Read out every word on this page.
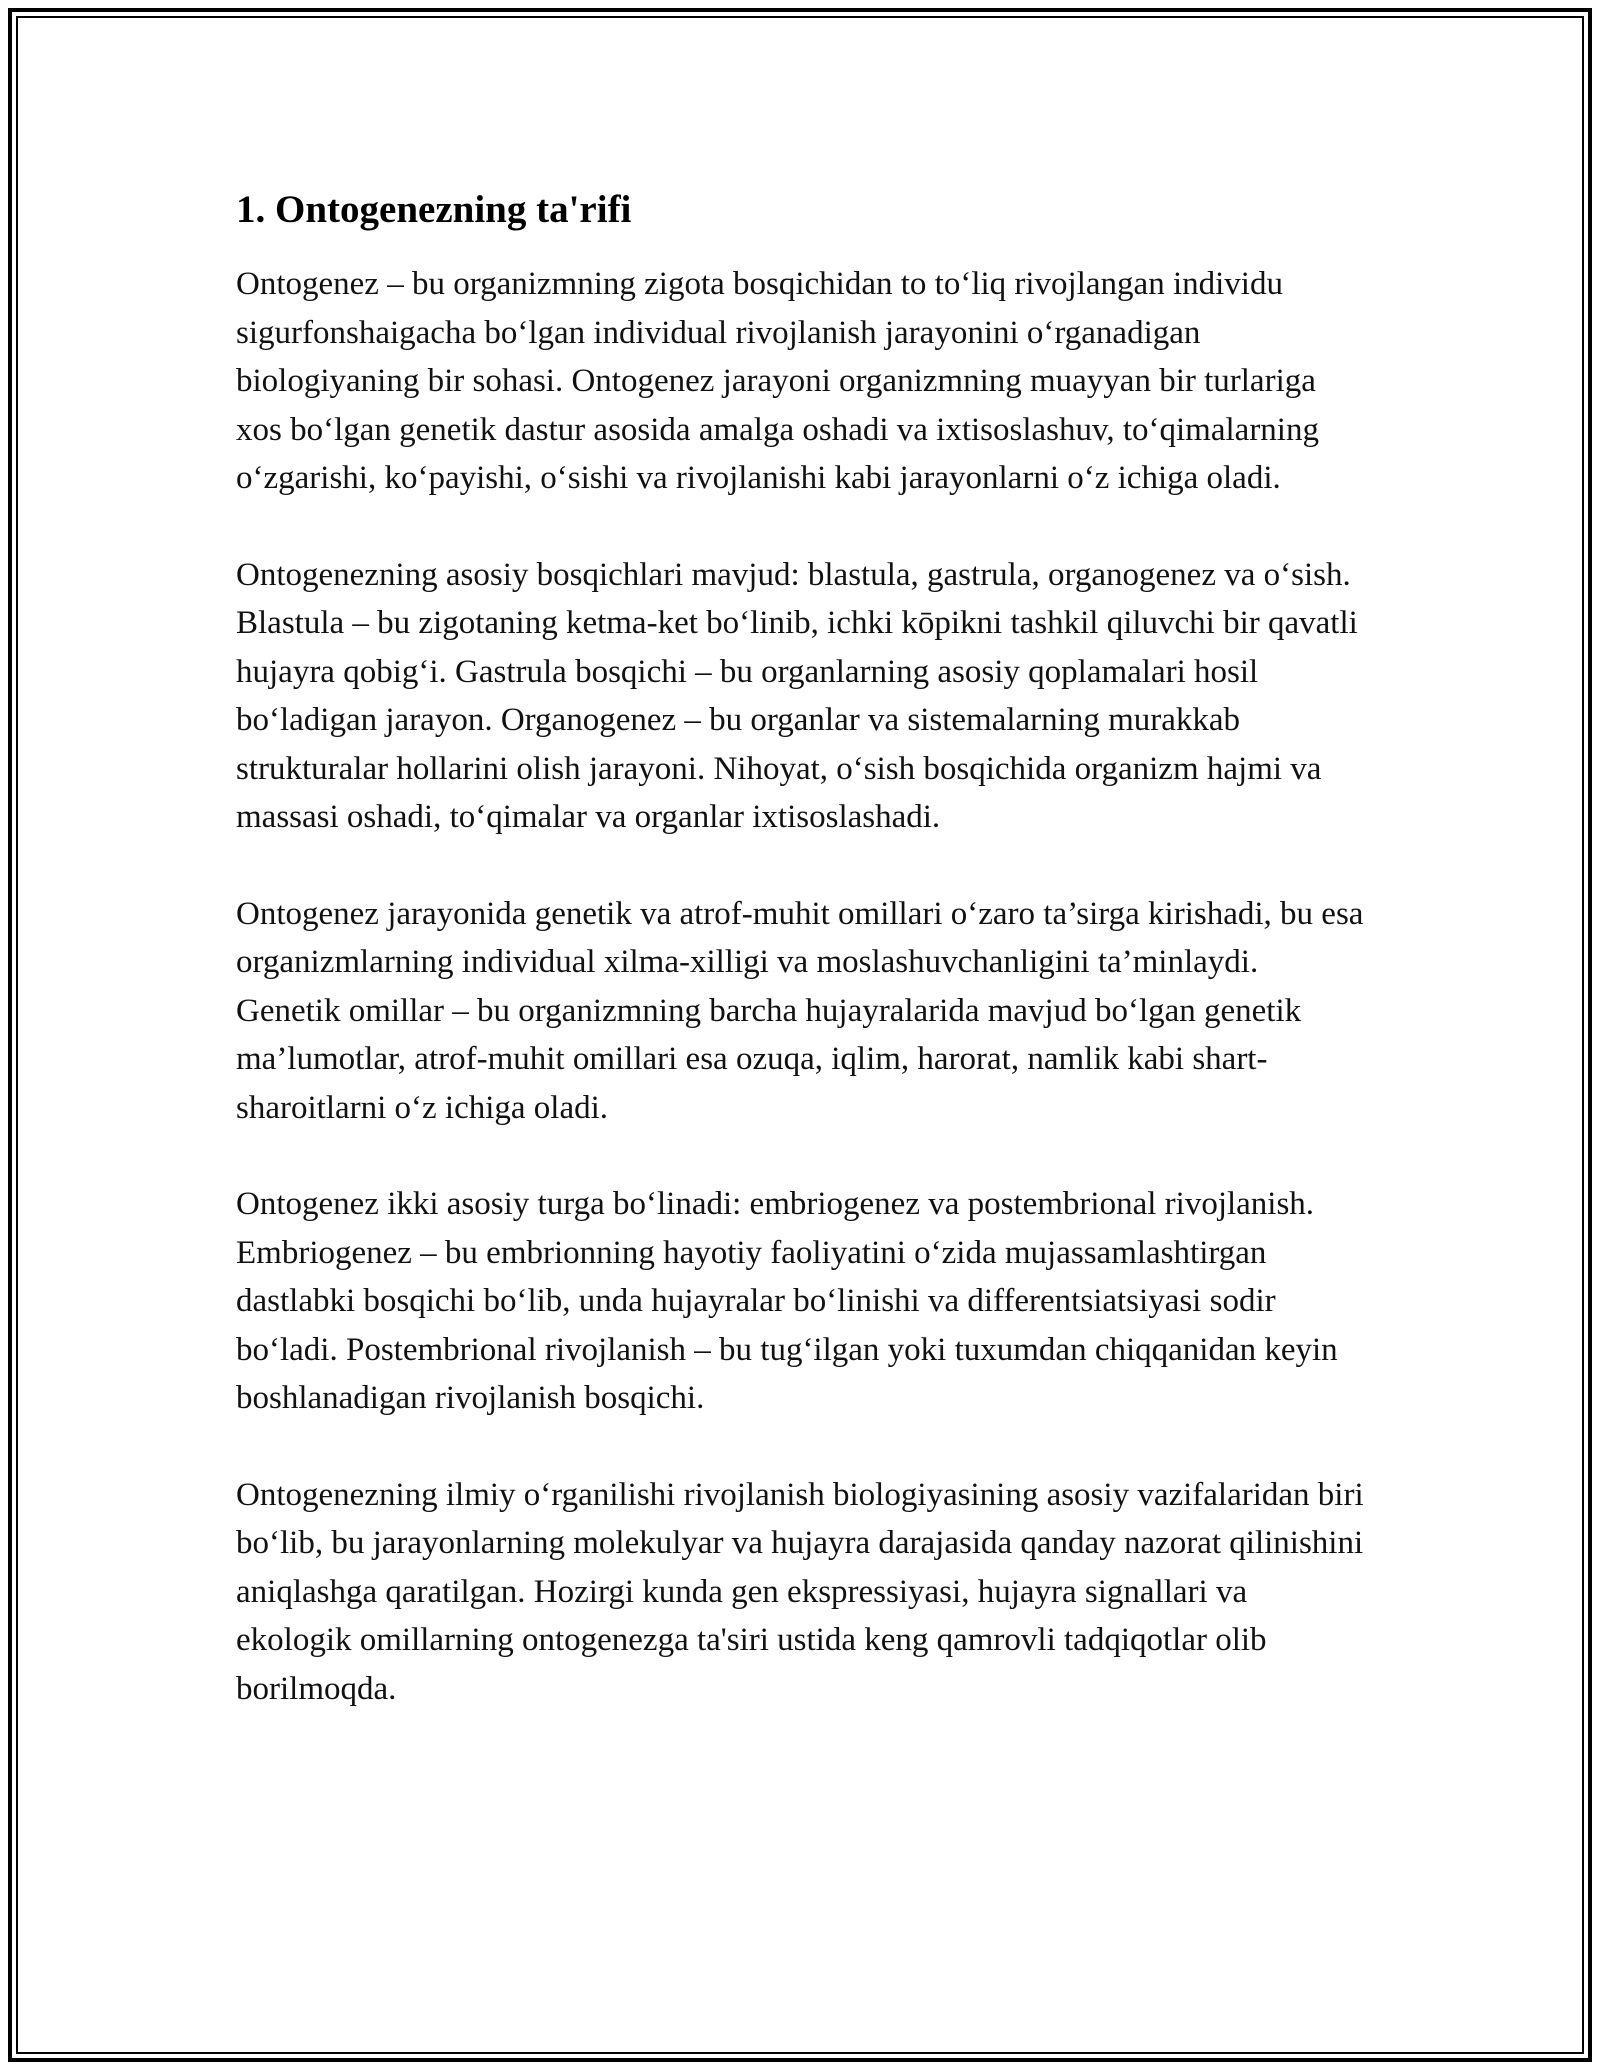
1. Ontogenezning ta'rifi

Ontogenez – bu organizmning zigota bosqichidan to to‘liq rivojlangan individu sigurfonshaigacha bo‘lgan individual rivojlanish jarayonini o‘rganadigan biologiyaning bir sohasi. Ontogenez jarayoni organizmning muayyan bir turlariga xos bo‘lgan genetik dastur asosida amalga oshadi va ixtisoslashuv, to‘qimalarning o‘zgarishi, ko‘payishi, o‘sishi va rivojlanishi kabi jarayonlarni o‘z ichiga oladi.

Ontogenezning asosiy bosqichlari mavjud: blastula, gastrula, organogenez va o‘sish. Blastula – bu zigotaning ketma-ket bo‘linib, ichki kōpikni tashkil qiluvchi bir qavatli hujayra qobig‘i. Gastrula bosqichi – bu organlarning asosiy qoplamalari hosil bo‘ladigan jarayon. Organogenez – bu organlar va sistemalarning murakkab strukturalar hollarini olish jarayoni. Nihoyat, o‘sish bosqichida organizm hajmi va massasi oshadi, to‘qimalar va organlar ixtisoslashadi.

Ontogenez jarayonida genetik va atrof-muhit omillari o‘zaro ta’sirga kirishadi, bu esa organizmlarning individual xilma-xilligi va moslashuvchanligini ta’minlaydi. Genetik omillar – bu organizmning barcha hujayralarida mavjud bo‘lgan genetik ma’lumotlar, atrof-muhit omillari esa ozuqa, iqlim, harorat, namlik kabi shart-sharoitlarni o‘z ichiga oladi.

Ontogenez ikki asosiy turga bo‘linadi: embriogenez va postembrional rivojlanish. Embriogenez – bu embrionning hayotiy faoliyatini o‘zida mujassamlashtirgan dastlabki bosqichi bo‘lib, unda hujayralar bo‘linishi va differentsiatsiyasi sodir bo‘ladi. Postembrional rivojlanish – bu tug‘ilgan yoki tuxumdan chiqqanidan keyin boshlanadigan rivojlanish bosqichi.

Ontogenezning ilmiy o‘rganilishi rivojlanish biologiyasining asosiy vazifalaridan biri bo‘lib, bu jarayonlarning molekulyar va hujayra darajasida qanday nazorat qilinishini aniqlashga qaratilgan. Hozirgi kunda gen ekspressiyasi, hujayra signallari va ekologik omillarning ontogenezga ta'siri ustida keng qamrovli tadqiqotlar olib borilmoqda.
